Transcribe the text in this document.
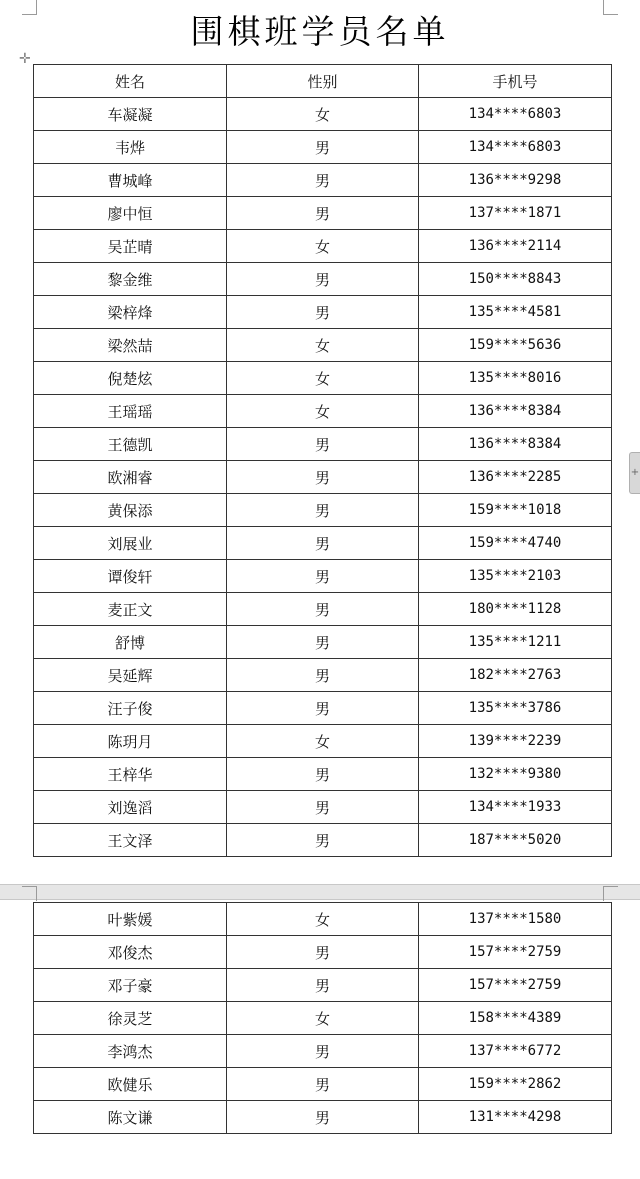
围棋班学员名单
✛
+
姓名	性别	手机号
车凝凝	女	134****6803
韦烨	男	134****6803
曹城峰	男	136****9298
廖中恒	男	137****1871
吴芷晴	女	136****2114
黎金维	男	150****8843
梁梓烽	男	135****4581
梁然喆	女	159****5636
倪楚炫	女	135****8016
王瑶瑶	女	136****8384
王德凯	男	136****8384
欧湘睿	男	136****2285
黄保添	男	159****1018
刘展业	男	159****4740
谭俊轩	男	135****2103
麦正文	男	180****1128
舒博	男	135****1211
吴延辉	男	182****2763
汪子俊	男	135****3786
陈玥月	女	139****2239
王梓华	男	132****9380
刘逸滔	男	134****1933
王文泽	男	187****5020
叶紫媛	女	137****1580
邓俊杰	男	157****2759
邓子豪	男	157****2759
徐灵芝	女	158****4389
李鸿杰	男	137****6772
欧健乐	男	159****2862
陈文谦	男	131****4298
